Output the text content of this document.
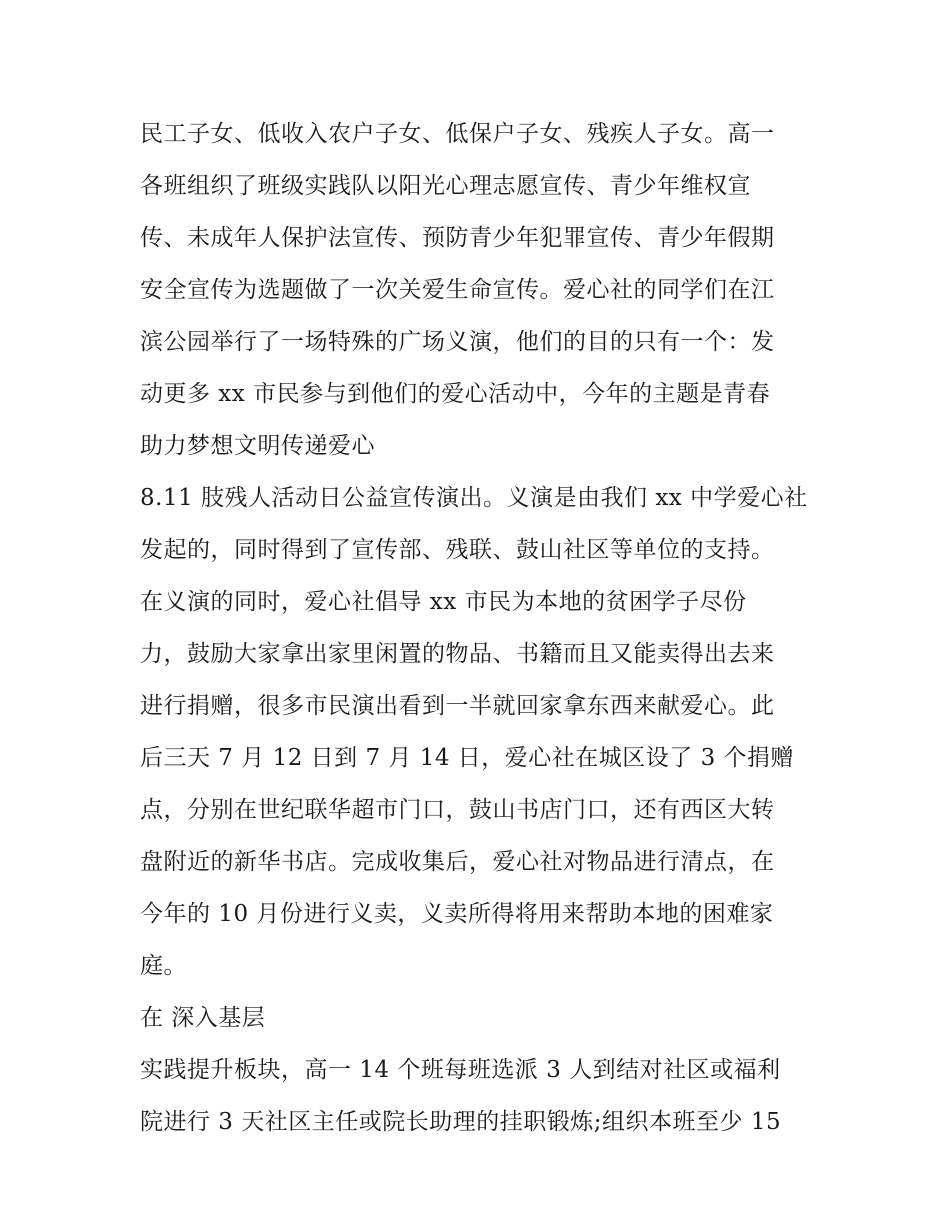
民工子女、低收入农户子女、低保户子女、残疾人子女。高一
各班组织了班级实践队以阳光心理志愿宣传、青少年维权宣
传、未成年人保护法宣传、预防青少年犯罪宣传、青少年假期
安全宣传为选题做了一次关爱生命宣传。爱心社的同学们在江
滨公园举行了一场特殊的广场义演，他们的目的只有一个：发
动更多 xx 市民参与到他们的爱心活动中，今年的主题是青春
助力梦想文明传递爱心
8.11 肢残人活动日公益宣传演出。义演是由我们 xx 中学爱心社
发起的，同时得到了宣传部、残联、鼓山社区等单位的支持。
在义演的同时，爱心社倡导 xx 市民为本地的贫困学子尽份
力，鼓励大家拿出家里闲置的物品、书籍而且又能卖得出去来
进行捐赠，很多市民演出看到一半就回家拿东西来献爱心。此
后三天 7 月 12 日到 7 月 14 日，爱心社在城区设了 3 个捐赠
点，分别在世纪联华超市门口，鼓山书店门口，还有西区大转
盘附近的新华书店。完成收集后，爱心社对物品进行清点，在
今年的 10 月份进行义卖，义卖所得将用来帮助本地的困难家
庭。
在 深入基层
实践提升板块，高一 14 个班每班选派 3 人到结对社区或福利
院进行 3 天社区主任或院长助理的挂职锻炼;组织本班至少 15
